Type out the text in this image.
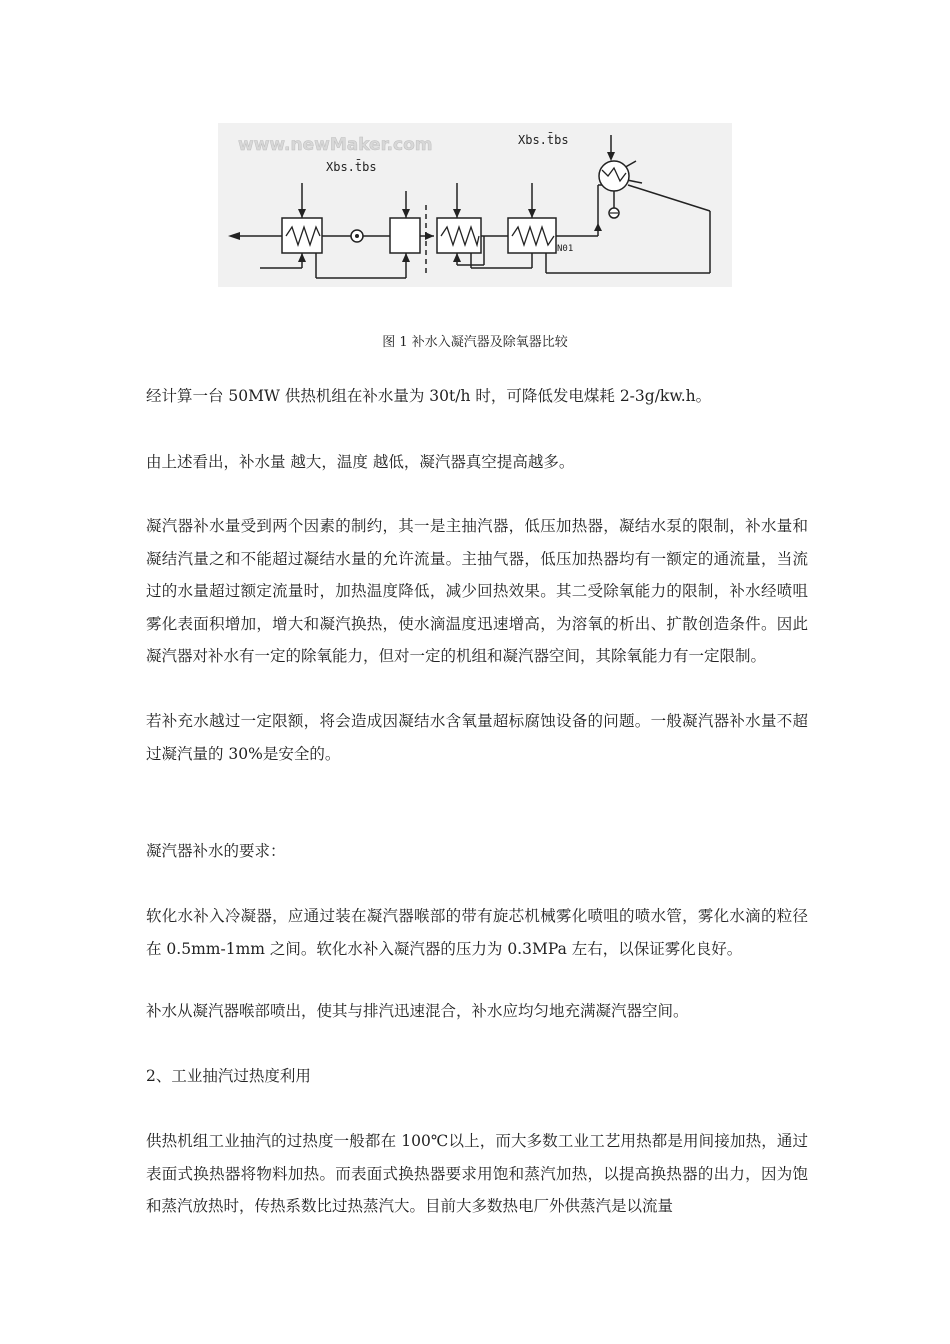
www.newMaker.com
Xbs.t̄bs
Xbs.t̄bs
N01
图 1 补水入凝汽器及除氧器比较

经计算一台 50MW 供热机组在补水量为 30t/h 时，可降低发电煤耗 2-3g/kw.h。

由上述看出，补水量 越大，温度 越低，凝汽器真空提高越多。

凝汽器补水量受到两个因素的制约，其一是主抽汽器，低压加热器，凝结水泵的限制，补水量和凝结汽量之和不能超过凝结水量的允许流量。主抽气器，低压加热器均有一额定的通流量，当流过的水量超过额定流量时，加热温度降低，减少回热效果。其二受除氧能力的限制，补水经喷咀雾化表面积增加，增大和凝汽换热，使水滴温度迅速增高，为溶氧的析出、扩散创造条件。因此凝汽器对补水有一定的除氧能力，但对一定的机组和凝汽器空间，其除氧能力有一定限制。

若补充水越过一定限额，将会造成因凝结水含氧量超标腐蚀设备的问题。一般凝汽器补水量不超过凝汽量的 30%是安全的。

凝汽器补水的要求：

软化水补入冷凝器，应通过装在凝汽器喉部的带有旋芯机械雾化喷咀的喷水管，雾化水滴的粒径在 0.5mm-1mm 之间。软化水补入凝汽器的压力为 0.3MPa 左右，以保证雾化良好。

补水从凝汽器喉部喷出，使其与排汽迅速混合，补水应均匀地充满凝汽器空间。

2、工业抽汽过热度利用

供热机组工业抽汽的过热度一般都在 100℃以上，而大多数工业工艺用热都是用间接加热，通过表面式换热器将物料加热。而表面式换热器要求用饱和蒸汽加热，以提高换热器的出力，因为饱和蒸汽放热时，传热系数比过热蒸汽大。目前大多数热电厂外供蒸汽是以流量
